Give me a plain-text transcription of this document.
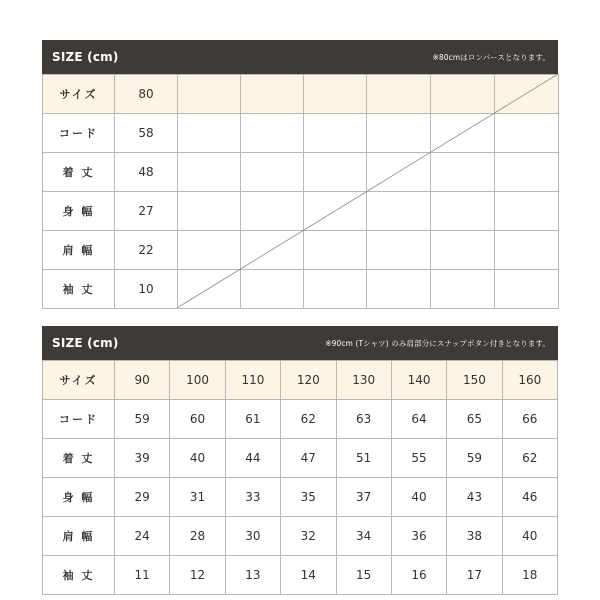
SIZE (cm)	※80cmはロンパースとなります。
サイズ	80						
コード	58						
着 丈	48						
身 幅	27						
肩 幅	22						
袖 丈	10						
SIZE (cm)	※90cm (Tシャツ) のみ肩部分にスナップボタン付きとなります。
サイズ	90	100	110	120	130	140	150	160
コード	59	60	61	62	63	64	65	66
着 丈	39	40	44	47	51	55	59	62
身 幅	29	31	33	35	37	40	43	46
肩 幅	24	28	30	32	34	36	38	40
袖 丈	11	12	13	14	15	16	17	18
